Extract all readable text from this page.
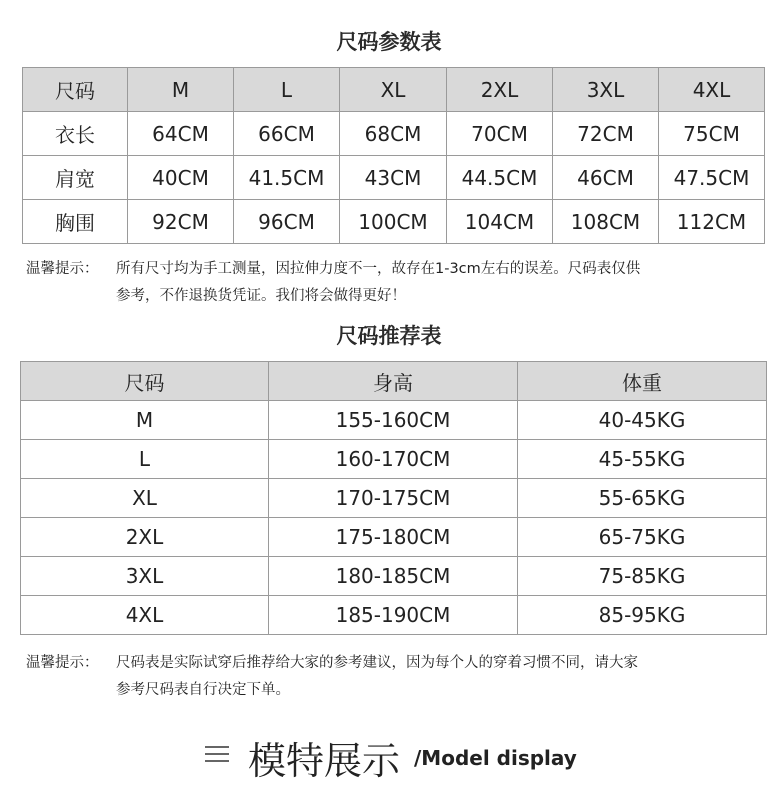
尺码参数表
尺码	M	L	XL	2XL	3XL	4XL
衣长	64CM	66CM	68CM	70CM	72CM	75CM
肩宽	40CM	41.5CM	43CM	44.5CM	46CM	47.5CM
胸围	92CM	96CM	100CM	104CM	108CM	112CM
温馨提示： 所有尺寸均为手工测量，因拉伸力度不一，故存在1-3cm左右的误差。尺码表仅供
参考，不作退换货凭证。我们将会做得更好！
尺码推荐表
尺码	身高	体重
M	155-160CM	40-45KG
L	160-170CM	45-55KG
XL	170-175CM	55-65KG
2XL	175-180CM	65-75KG
3XL	180-185CM	75-85KG
4XL	185-190CM	85-95KG
温馨提示： 尺码表是实际试穿后推荐给大家的参考建议，因为每个人的穿着习惯不同，请大家
参考尺码表自行决定下单。
模特展示 /Model display
